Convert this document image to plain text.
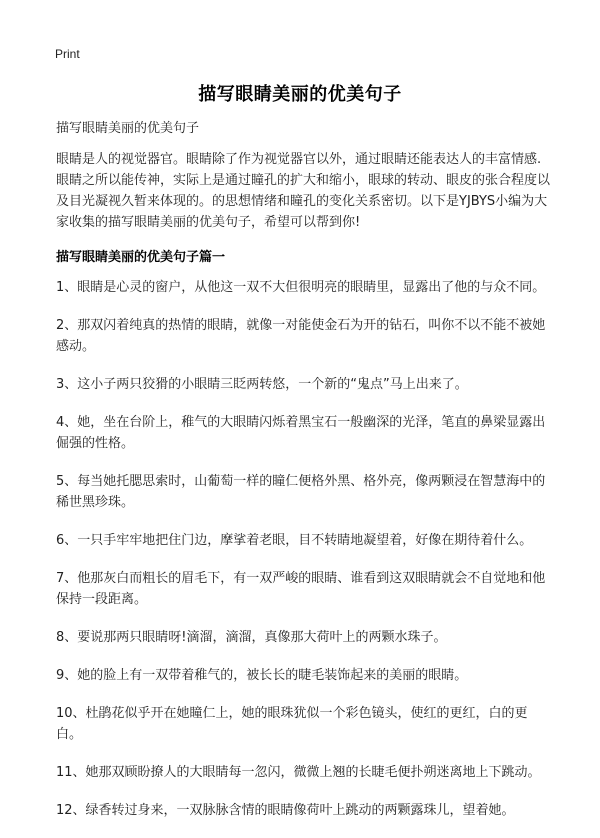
Print
描写眼睛美丽的优美句子

描写眼睛美丽的优美句子

眼睛是人的视觉器官。眼睛除了作为视觉器官以外，通过眼睛还能表达人的丰富情感.眼睛之所以能传神，实际上是通过瞳孔的扩大和缩小，眼球的转动、眼皮的张合程度以及目光凝视久暂来体现的。的思想情绪和瞳孔的变化关系密切。以下是YJBYS小编为大家收集的描写眼睛美丽的优美句子，希望可以帮到你!

描写眼睛美丽的优美句子篇一

1、眼睛是心灵的窗户，从他这一双不大但很明亮的眼睛里，显露出了他的与众不同。

2、那双闪着纯真的热情的眼睛，就像一对能使金石为开的钻石，叫你不以不能不被她感动。

3、这小子两只狡猾的小眼睛三眨两转悠，一个新的“鬼点”马上出来了。

4、她，坐在台阶上，稚气的大眼睛闪烁着黑宝石一般幽深的光泽，笔直的鼻梁显露出倔强的性格。

5、每当她托腮思索时，山葡萄一样的瞳仁便格外黑、格外亮，像两颗浸在智慧海中的稀世黑珍珠。

6、一只手牢牢地把住门边，摩挲着老眼，目不转睛地凝望着，好像在期待着什么。

7、他那灰白而粗长的眉毛下，有一双严峻的眼睛、谁看到这双眼睛就会不自觉地和他保持一段距离。

8、要说那两只眼睛呀!滴溜，滴溜，真像那大荷叶上的两颗水珠子。

9、她的脸上有一双带着稚气的，被长长的睫毛装饰起来的美丽的眼睛。

10、杜鹃花似乎开在她瞳仁上，她的眼珠犹似一个彩色镜头，使红的更红，白的更白。

11、她那双顾盼撩人的大眼睛每一忽闪，微微上翘的长睫毛便扑朔迷离地上下跳动。

12、绿香转过身来，一双脉脉含情的眼睛像荷叶上跳动的两颗露珠儿，望着她。
